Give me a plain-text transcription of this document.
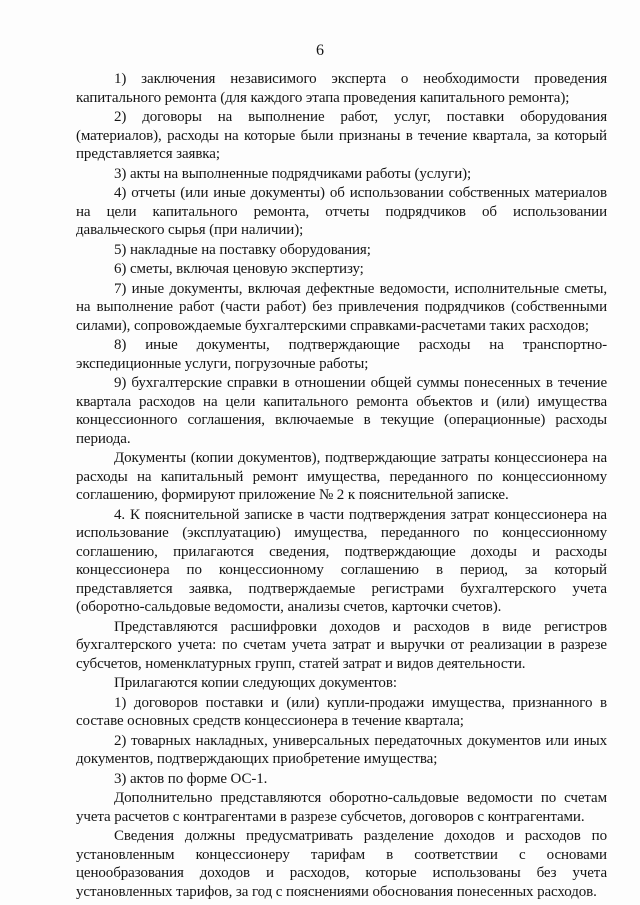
6

1) заключения независимого эксперта о необходимости проведения капитального ремонта (для каждого этапа проведения капитального ремонта);

2) договоры на выполнение работ, услуг, поставки оборудования (материалов), расходы на которые были признаны в течение квартала, за который представляется заявка;

3) акты на выполненные подрядчиками работы (услуги);

4) отчеты (или иные документы) об использовании собственных материалов на цели капитального ремонта, отчеты подрядчиков об использовании давальческого сырья (при наличии);

5) накладные на поставку оборудования;

6) сметы, включая ценовую экспертизу;

7) иные документы, включая дефектные ведомости, исполнительные сметы, на выполнение работ (части работ) без привлечения подрядчиков (собственными силами), сопровождаемые бухгалтерскими справками-расчетами таких расходов;

8) иные документы, подтверждающие расходы на транспортно-экспедиционные услуги, погрузочные работы;

9) бухгалтерские справки в отношении общей суммы понесенных в течение квартала расходов на цели капитального ремонта объектов и (или) имущества концессионного соглашения, включаемые в текущие (операционные) расходы периода.

Документы (копии документов), подтверждающие затраты концессионера на расходы на капитальный ремонт имущества, переданного по концессионному соглашению, формируют приложение № 2 к пояснительной записке.

4. К пояснительной записке в части подтверждения затрат концессионера на использование (эксплуатацию) имущества, переданного по концессионному соглашению, прилагаются сведения, подтверждающие доходы и расходы концессионера по концессионному соглашению в период, за который представляется заявка, подтверждаемые регистрами бухгалтерского учета (оборотно-сальдовые ведомости, анализы счетов, карточки счетов).

Представляются расшифровки доходов и расходов в виде регистров бухгалтерского учета: по счетам учета затрат и выручки от реализации в разрезе субсчетов, номенклатурных групп, статей затрат и видов деятельности.

Прилагаются копии следующих документов:

1) договоров поставки и (или) купли-продажи имущества, признанного в составе основных средств концессионера в течение квартала;

2) товарных накладных, универсальных передаточных документов или иных документов, подтверждающих приобретение имущества;

3) актов по форме ОС-1.

Дополнительно представляются оборотно-сальдовые ведомости по счетам учета расчетов с контрагентами в разрезе субсчетов, договоров с контрагентами.

Сведения должны предусматривать разделение доходов и расходов по установленным концессионеру тарифам в соответствии с основами ценообразования доходов и расходов, которые использованы без учета установленных тарифов, за год с пояснениями обоснования понесенных расходов.
